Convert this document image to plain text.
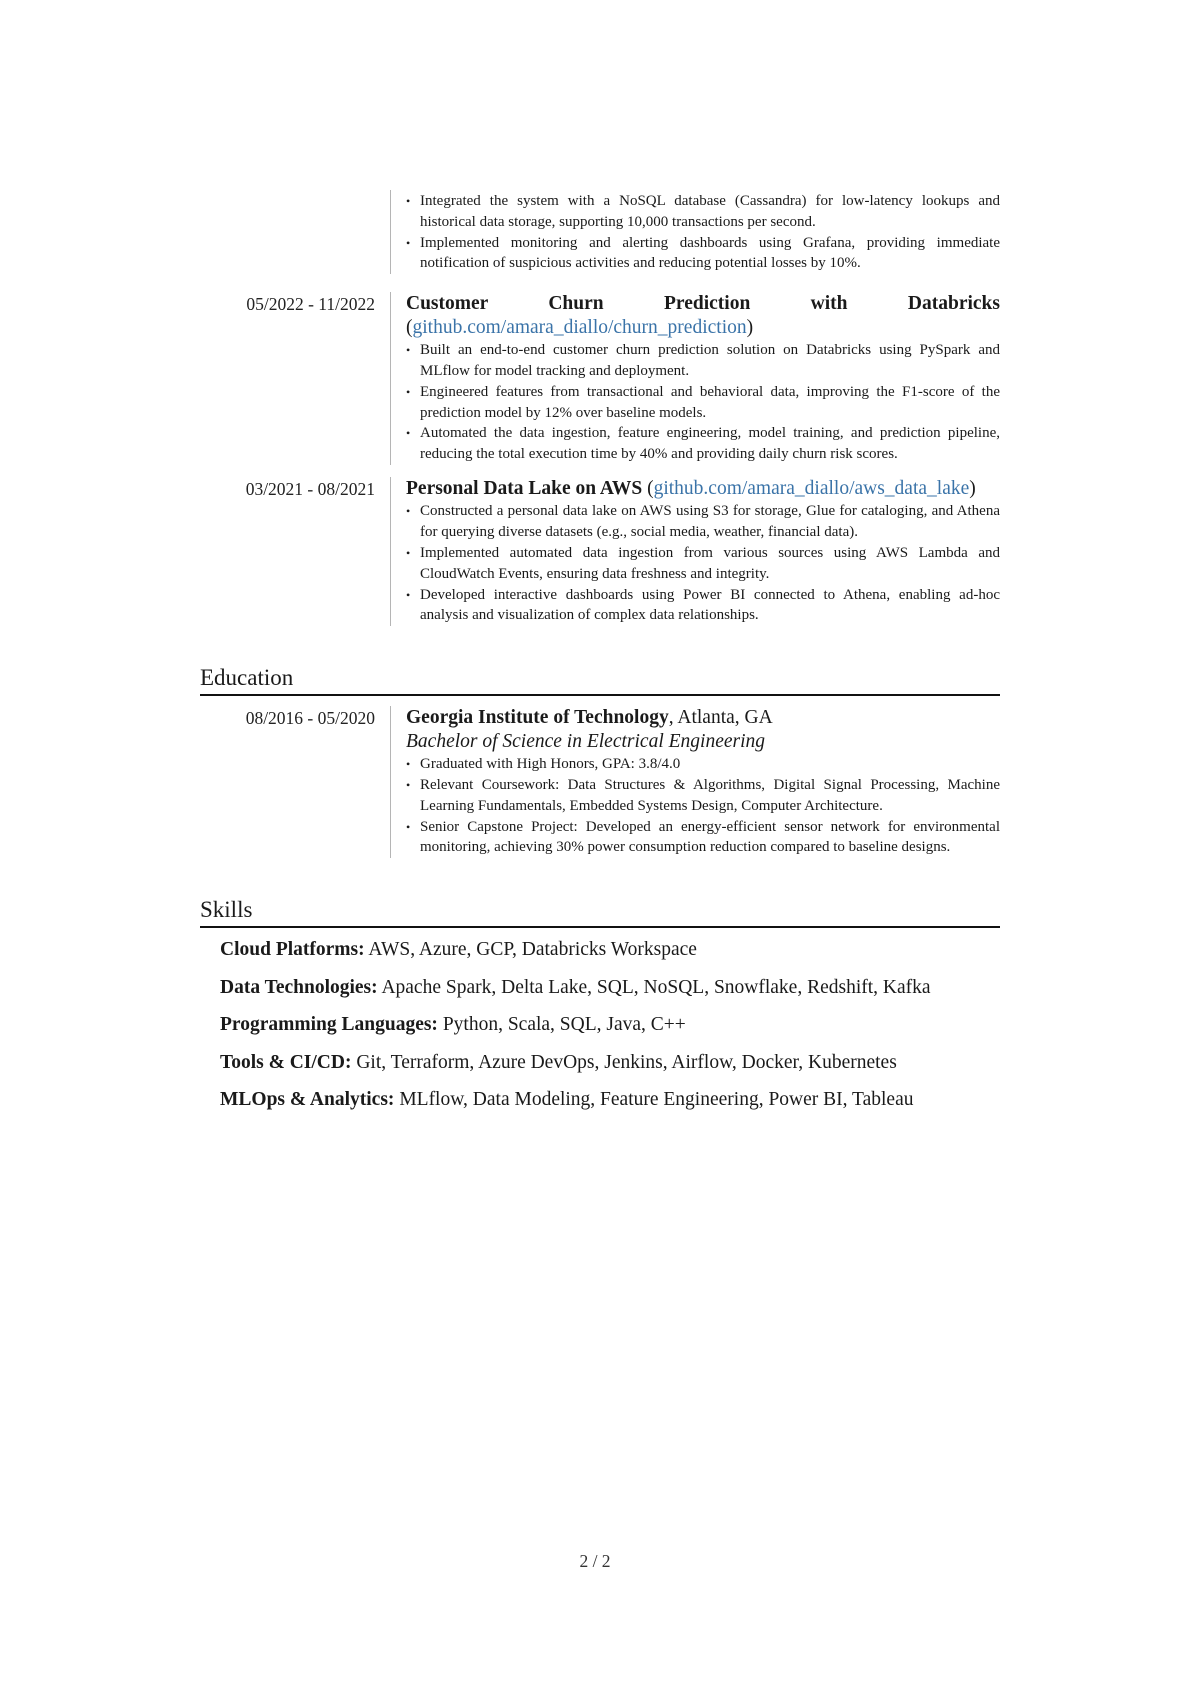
• Integrated the system with a NoSQL database (Cassandra) for low-latency lookups and historical data storage, supporting 10,000 transactions per second.
• Implemented monitoring and alerting dashboards using Grafana, providing immediate notification of suspicious activities and reducing potential losses by 10%.
05/2022 - 11/2022	Customer Churn Prediction with Databricks (github.com/amara_diallo/churn_prediction)
• Built an end-to-end customer churn prediction solution on Databricks using PySpark and MLflow for model tracking and deployment.
• Engineered features from transactional and behavioral data, improving the F1-score of the prediction model by 12% over baseline models.
• Automated the data ingestion, feature engineering, model training, and prediction pipeline, reducing the total execution time by 40% and providing daily churn risk scores.
03/2021 - 08/2021	Personal Data Lake on AWS (github.com/amara_diallo/aws_data_lake)
• Constructed a personal data lake on AWS using S3 for storage, Glue for cataloging, and Athena for querying diverse datasets (e.g., social media, weather, financial data).
• Implemented automated data ingestion from various sources using AWS Lambda and CloudWatch Events, ensuring data freshness and integrity.
• Developed interactive dashboards using Power BI connected to Athena, enabling ad-hoc analysis and visualization of complex data relationships.
Education
08/2016 - 05/2020	Georgia Institute of Technology, Atlanta, GA
Bachelor of Science in Electrical Engineering
• Graduated with High Honors, GPA: 3.8/4.0
• Relevant Coursework: Data Structures & Algorithms, Digital Signal Processing, Machine Learning Fundamentals, Embedded Systems Design, Computer Architecture.
• Senior Capstone Project: Developed an energy-efficient sensor network for environmental monitoring, achieving 30% power consumption reduction compared to baseline designs.
Skills
Cloud Platforms: AWS, Azure, GCP, Databricks Workspace
Data Technologies: Apache Spark, Delta Lake, SQL, NoSQL, Snowflake, Redshift, Kafka
Programming Languages: Python, Scala, SQL, Java, C++
Tools & CI/CD: Git, Terraform, Azure DevOps, Jenkins, Airflow, Docker, Kubernetes
MLOps & Analytics: MLflow, Data Modeling, Feature Engineering, Power BI, Tableau
2 / 2
